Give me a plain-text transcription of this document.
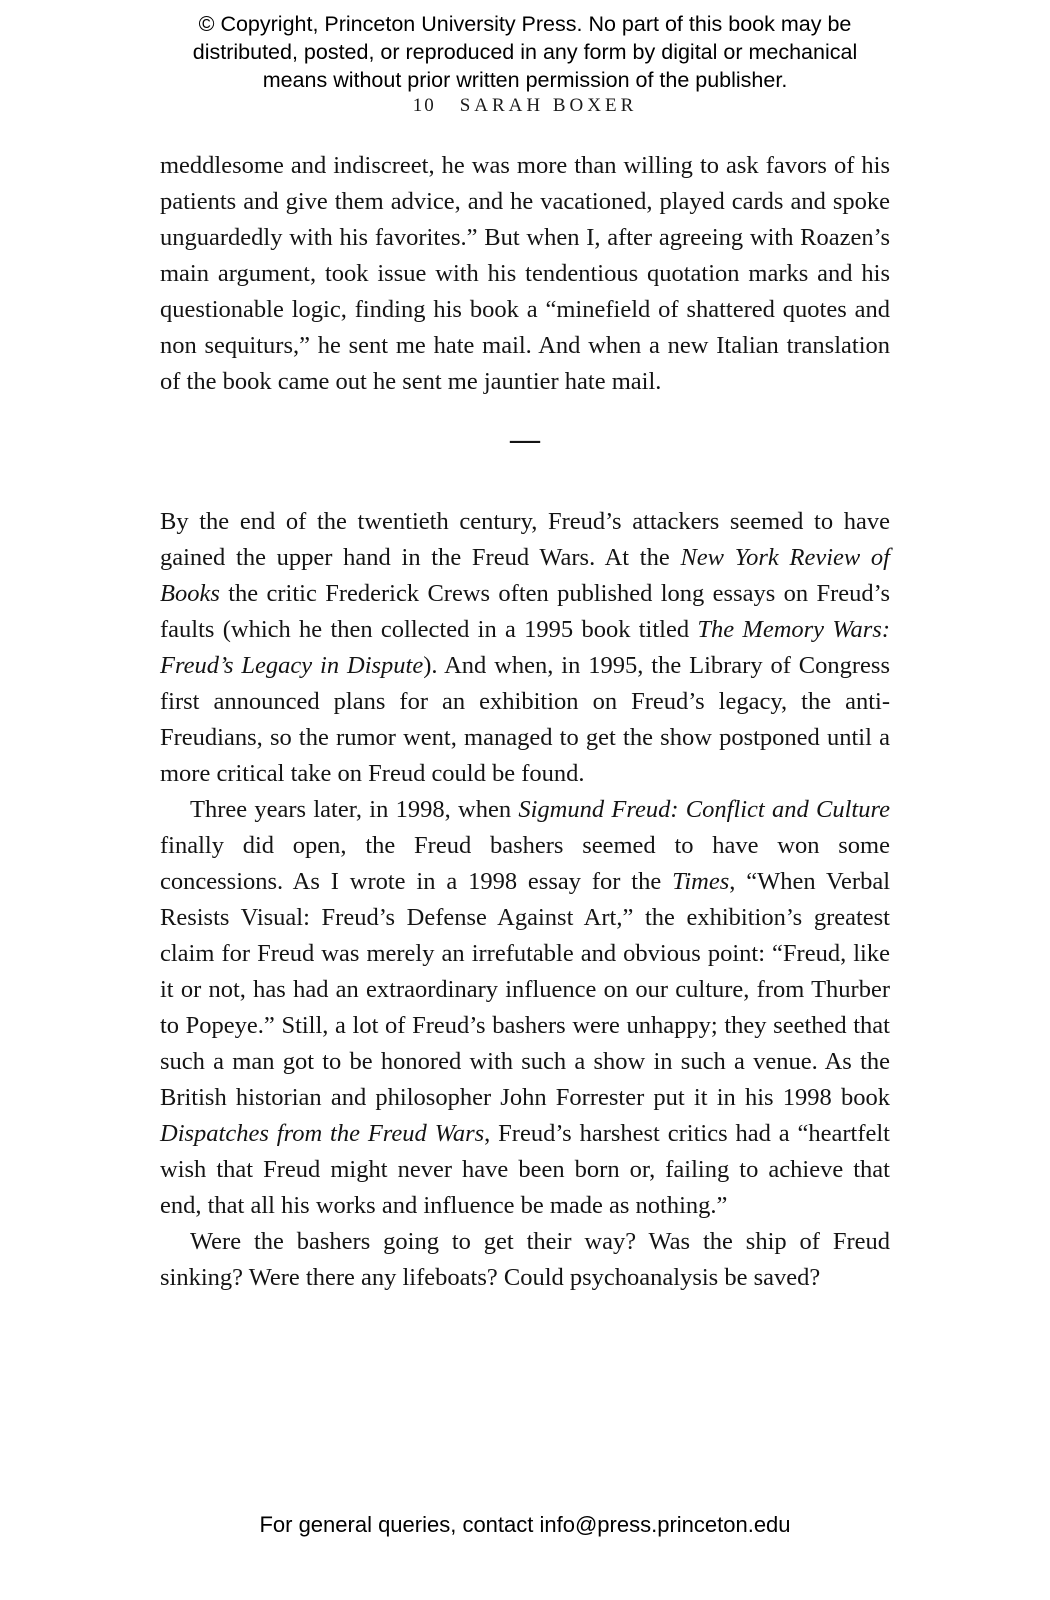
© Copyright, Princeton University Press. No part of this book may be distributed, posted, or reproduced in any form by digital or mechanical means without prior written permission of the publisher.
10 SARAH BOXER

meddlesome and indiscreet, he was more than willing to ask favors of his patients and give them advice, and he vacationed, played cards and spoke unguardedly with his favorites.” But when I, after agreeing with Roazen’s main argument, took issue with his tendentious quotation marks and his questionable logic, finding his book a “minefield of shattered quotes and non sequiturs,” he sent me hate mail. And when a new Italian translation of the book came out he sent me jauntier hate mail.

—

By the end of the twentieth century, Freud’s attackers seemed to have gained the upper hand in the Freud Wars. At the New York Review of Books the critic Frederick Crews often published long essays on Freud’s faults (which he then collected in a 1995 book titled The Memory Wars: Freud’s Legacy in Dispute). And when, in 1995, the Library of Congress first announced plans for an exhibition on Freud’s legacy, the anti-Freudians, so the rumor went, managed to get the show postponed until a more critical take on Freud could be found.

Three years later, in 1998, when Sigmund Freud: Conflict and Culture finally did open, the Freud bashers seemed to have won some concessions. As I wrote in a 1998 essay for the Times, “When Verbal Resists Visual: Freud’s Defense Against Art,” the exhibition’s greatest claim for Freud was merely an irrefutable and obvious point: “Freud, like it or not, has had an extraordinary influence on our culture, from Thurber to Popeye.” Still, a lot of Freud’s bashers were unhappy; they seethed that such a man got to be honored with such a show in such a venue. As the British historian and philosopher John Forrester put it in his 1998 book Dispatches from the Freud Wars, Freud’s harshest critics had a “heartfelt wish that Freud might never have been born or, failing to achieve that end, that all his works and influence be made as nothing.”

Were the bashers going to get their way? Was the ship of Freud sinking? Were there any lifeboats? Could psychoanalysis be saved?

For general queries, contact info@press.princeton.edu
